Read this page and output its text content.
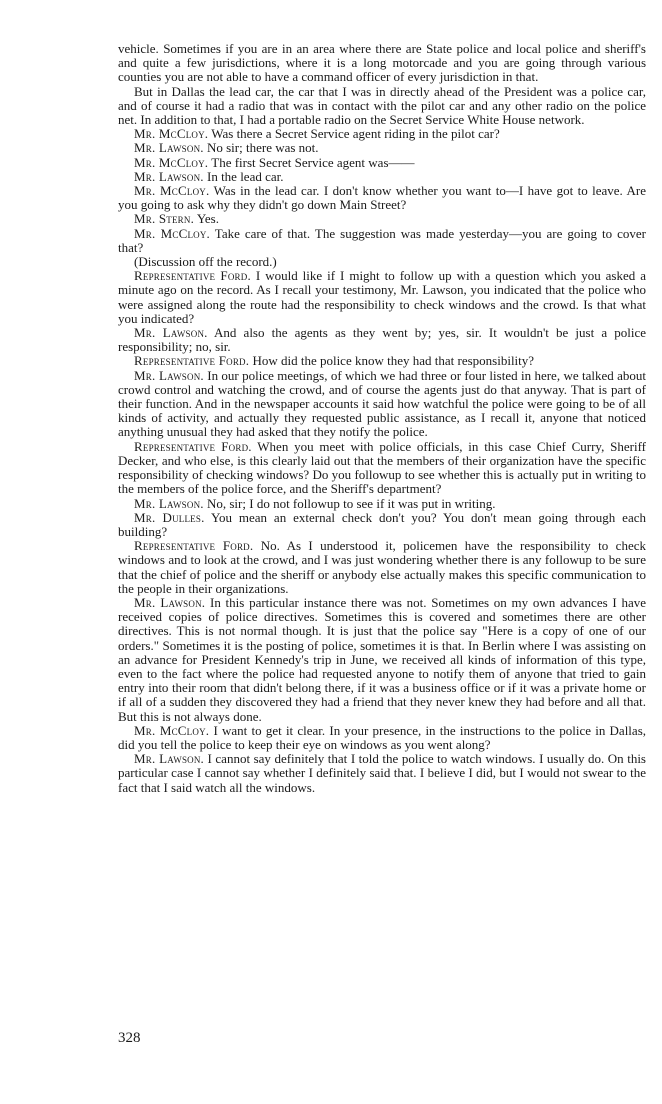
vehicle. Sometimes if you are in an area where there are State police and local police and sheriff's and quite a few jurisdictions, where it is a long motorcade and you are going through various counties you are not able to have a command officer of every jurisdiction in that.

But in Dallas the lead car, the car that I was in directly ahead of the President was a police car, and of course it had a radio that was in contact with the pilot car and any other radio on the police net. In addition to that, I had a portable radio on the Secret Service White House network.

Mr. McCloy. Was there a Secret Service agent riding in the pilot car?

Mr. Lawson. No sir; there was not.

Mr. McCloy. The first Secret Service agent was——

Mr. Lawson. In the lead car.

Mr. McCloy. Was in the lead car. I don't know whether you want to—I have got to leave. Are you going to ask why they didn't go down Main Street?

Mr. Stern. Yes.

Mr. McCloy. Take care of that. The suggestion was made yesterday—you are going to cover that?

(Discussion off the record.)

Representative Ford. I would like if I might to follow up with a question which you asked a minute ago on the record. As I recall your testimony, Mr. Lawson, you indicated that the police who were assigned along the route had the responsibility to check windows and the crowd. Is that what you indicated?

Mr. Lawson. And also the agents as they went by; yes, sir. It wouldn't be just a police responsibility; no, sir.

Representative Ford. How did the police know they had that responsibility?

Mr. Lawson. In our police meetings, of which we had three or four listed in here, we talked about crowd control and watching the crowd, and of course the agents just do that anyway. That is part of their function. And in the newspaper accounts it said how watchful the police were going to be of all kinds of activity, and actually they requested public assistance, as I recall it, anyone that noticed anything unusual they had asked that they notify the police.

Representative Ford. When you meet with police officials, in this case Chief Curry, Sheriff Decker, and who else, is this clearly laid out that the members of their organization have the specific responsibility of checking windows? Do you followup to see whether this is actually put in writing to the members of the police force, and the Sheriff's department?

Mr. Lawson. No, sir; I do not followup to see if it was put in writing.

Mr. Dulles. You mean an external check don't you? You don't mean going through each building?

Representative Ford. No. As I understood it, policemen have the responsibility to check windows and to look at the crowd, and I was just wondering whether there is any followup to be sure that the chief of police and the sheriff or anybody else actually makes this specific communication to the people in their organizations.

Mr. Lawson. In this particular instance there was not. Sometimes on my own advances I have received copies of police directives. Sometimes this is covered and sometimes there are other directives. This is not normal though. It is just that the police say "Here is a copy of one of our orders." Sometimes it is the posting of police, sometimes it is that. In Berlin where I was assisting on an advance for President Kennedy's trip in June, we received all kinds of information of this type, even to the fact where the police had requested anyone to notify them of anyone that tried to gain entry into their room that didn't belong there, if it was a business office or if it was a private home or if all of a sudden they discovered they had a friend that they never knew they had before and all that. But this is not always done.

Mr. McCloy. I want to get it clear. In your presence, in the instructions to the police in Dallas, did you tell the police to keep their eye on windows as you went along?

Mr. Lawson. I cannot say definitely that I told the police to watch windows. I usually do. On this particular case I cannot say whether I definitely said that. I believe I did, but I would not swear to the fact that I said watch all the windows.

328
